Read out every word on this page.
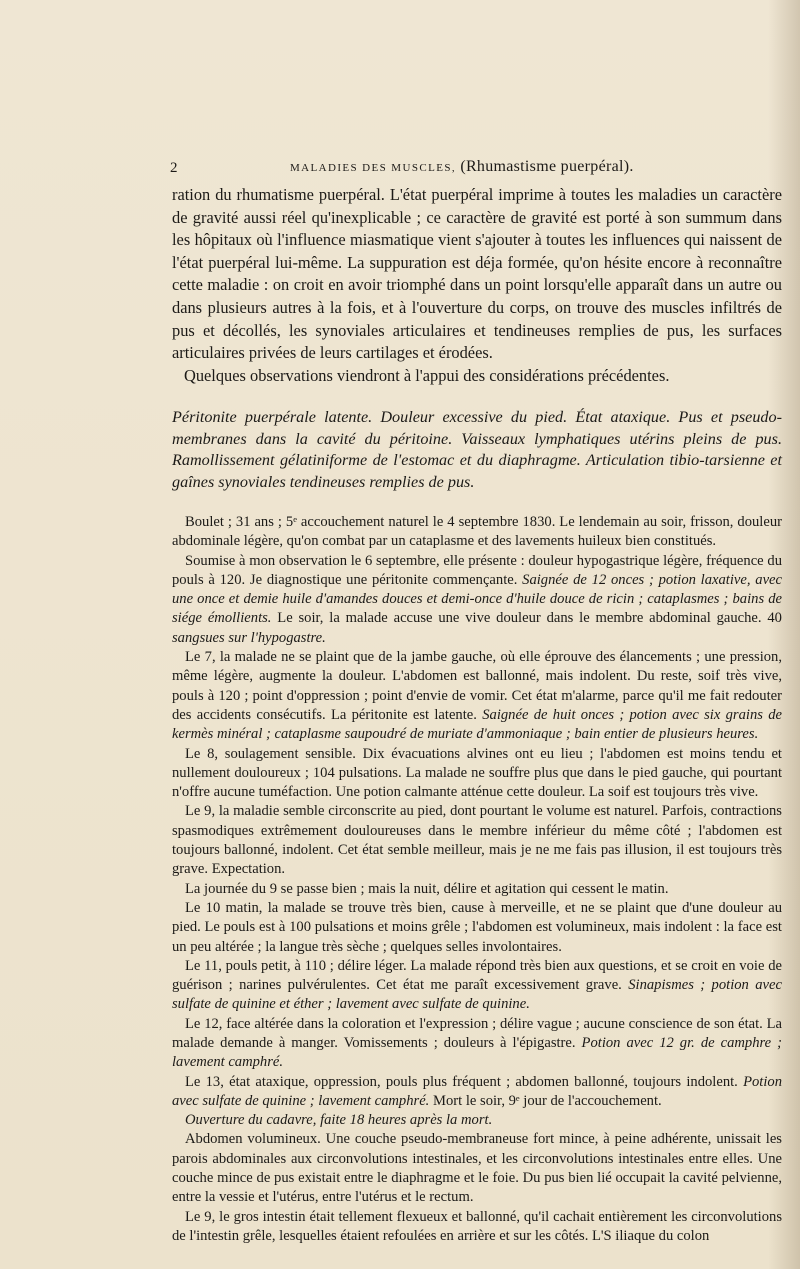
2	MALADIES DES MUSCLES, (Rhumastisme puerpéral).

ration du rhumatisme puerpéral. L'état puerpéral imprime à toutes les maladies un caractère de gravité aussi réel qu'inexplicable ; ce caractère de gravité est porté à son summum dans les hôpitaux où l'influence miasmatique vient s'ajouter à toutes les influences qui naissent de l'état puerpéral lui-même. La suppuration est déja formée, qu'on hésite encore à reconnaître cette maladie : on croit en avoir triomphé dans un point lorsqu'elle apparaît dans un autre ou dans plusieurs autres à la fois, et à l'ouverture du corps, on trouve des muscles infiltrés de pus et décollés, les synoviales articulaires et tendineuses remplies de pus, les surfaces articulaires privées de leurs cartilages et érodées.

Quelques observations viendront à l'appui des considérations précédentes.

Péritonite puerpérale latente. Douleur excessive du pied. État ataxique. Pus et pseudo-membranes dans la cavité du péritoine. Vaisseaux lymphatiques utérins pleins de pus. Ramollissement gélatiniforme de l'estomac et du diaphragme. Articulation tibio-tarsienne et gaînes synoviales tendineuses remplies de pus.

Boulet ; 31 ans ; 5ᵉ accouchement naturel le 4 septembre 1830. Le lendemain au soir, frisson, douleur abdominale légère, qu'on combat par un cataplasme et des lavements huileux bien constitués.

Soumise à mon observation le 6 septembre, elle présente : douleur hypogastrique légère, fréquence du pouls à 120. Je diagnostique une péritonite commençante. Saignée de 12 onces ; potion laxative, avec une once et demie huile d'amandes douces et demi-once d'huile douce de ricin ; cataplasmes ; bains de siége émollients. Le soir, la malade accuse une vive douleur dans le membre abdominal gauche. 40 sangsues sur l'hypogastre.

Le 7, la malade ne se plaint que de la jambe gauche, où elle éprouve des élancements ; une pression, même légère, augmente la douleur. L'abdomen est ballonné, mais indolent. Du reste, soif très vive, pouls à 120 ; point d'oppression ; point d'envie de vomir. Cet état m'alarme, parce qu'il me fait redouter des accidents consécutifs. La péritonite est latente. Saignée de huit onces ; potion avec six grains de kermès minéral ; cataplasme saupoudré de muriate d'ammoniaque ; bain entier de plusieurs heures.

Le 8, soulagement sensible. Dix évacuations alvines ont eu lieu ; l'abdomen est moins tendu et nullement douloureux ; 104 pulsations. La malade ne souffre plus que dans le pied gauche, qui pourtant n'offre aucune tuméfaction. Une potion calmante atténue cette douleur. La soif est toujours très vive.

Le 9, la maladie semble circonscrite au pied, dont pourtant le volume est naturel. Parfois, contractions spasmodiques extrêmement douloureuses dans le membre inférieur du même côté ; l'abdomen est toujours ballonné, indolent. Cet état semble meilleur, mais je ne me fais pas illusion, il est toujours très grave. Expectation.

La journée du 9 se passe bien ; mais la nuit, délire et agitation qui cessent le matin.

Le 10 matin, la malade se trouve très bien, cause à merveille, et ne se plaint que d'une douleur au pied. Le pouls est à 100 pulsations et moins grêle ; l'abdomen est volumineux, mais indolent : la face est un peu altérée ; la langue très sèche ; quelques selles involontaires.

Le 11, pouls petit, à 110 ; délire léger. La malade répond très bien aux questions, et se croit en voie de guérison ; narines pulvérulentes. Cet état me paraît excessivement grave. Sinapismes ; potion avec sulfate de quinine et éther ; lavement avec sulfate de quinine.

Le 12, face altérée dans la coloration et l'expression ; délire vague ; aucune conscience de son état. La malade demande à manger. Vomissements ; douleurs à l'épigastre. Potion avec 12 gr. de camphre ; lavement camphré.

Le 13, état ataxique, oppression, pouls plus fréquent ; abdomen ballonné, toujours indolent. Potion avec sulfate de quinine ; lavement camphré. Mort le soir, 9ᵉ jour de l'accouchement.

Ouverture du cadavre, faite 18 heures après la mort.

Abdomen volumineux. Une couche pseudo-membraneuse fort mince, à peine adhérente, unissait les parois abdominales aux circonvolutions intestinales, et les circonvolutions intestinales entre elles. Une couche mince de pus existait entre le diaphragme et le foie. Du pus bien lié occupait la cavité pelvienne, entre la vessie et l'utérus, entre l'utérus et le rectum.

Le 9, le gros intestin était tellement flexueux et ballonné, qu'il cachait entièrement les circonvolutions de l'intestin grêle, lesquelles étaient refoulées en arrière et sur les côtés. L'S iliaque du colon
